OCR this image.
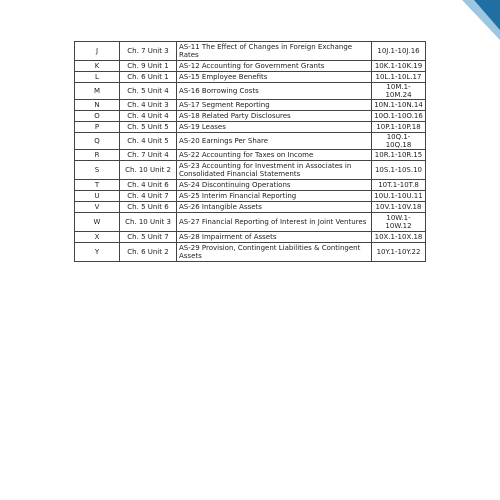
J	Ch. 7 Unit 3	AS-11 The Effect of Changes in Foreign Exchange Rates	10J.1-10J.16
K	Ch. 9 Unit 1	AS-12 Accounting for Government Grants	10K.1-10K.19
L	Ch. 6 Unit 1	AS-15 Employee Benefits	10L.1-10L.17
M	Ch. 5 Unit 4	AS-16 Borrowing Costs	10M.1-10M.24
N	Ch. 4 Unit 3	AS-17 Segment Reporting	10N.1-10N.14
O	Ch. 4 Unit 4	AS-18 Related Party Disclosures	10O.1-10O.16
P	Ch. 5 Unit 5	AS-19 Leases	10P.1-10P.18
Q	Ch. 4 Unit 5	AS-20 Earnings Per Share	10Q.1-10Q.18
R	Ch. 7 Unit 4	AS-22 Accounting for Taxes on Income	10R.1-10R.15
S	Ch. 10 Unit 2	AS-23 Accounting for Investment in Associates in Consolidated Financial Statements	10S.1-10S.10
T	Ch. 4 Unit 6	AS-24 Discontinuing Operations	10T.1-10T.8
U	Ch. 4 Unit 7	AS-25 Interim Financial Reporting	10U.1-10U.11
V	Ch. 5 Unit 6	AS-26 Intangible Assets	10V.1-10V.18
W	Ch. 10 Unit 3	AS-27 Financial Reporting of Interest in Joint Ventures	10W.1-10W.12
X	Ch. 5 Unit 7	AS-28 Impairment of Assets	10X.1-10X.18
Y	Ch. 6 Unit 2	AS-29 Provision, Contingent Liabilities & Contingent Assets	10Y.1-10Y.22
